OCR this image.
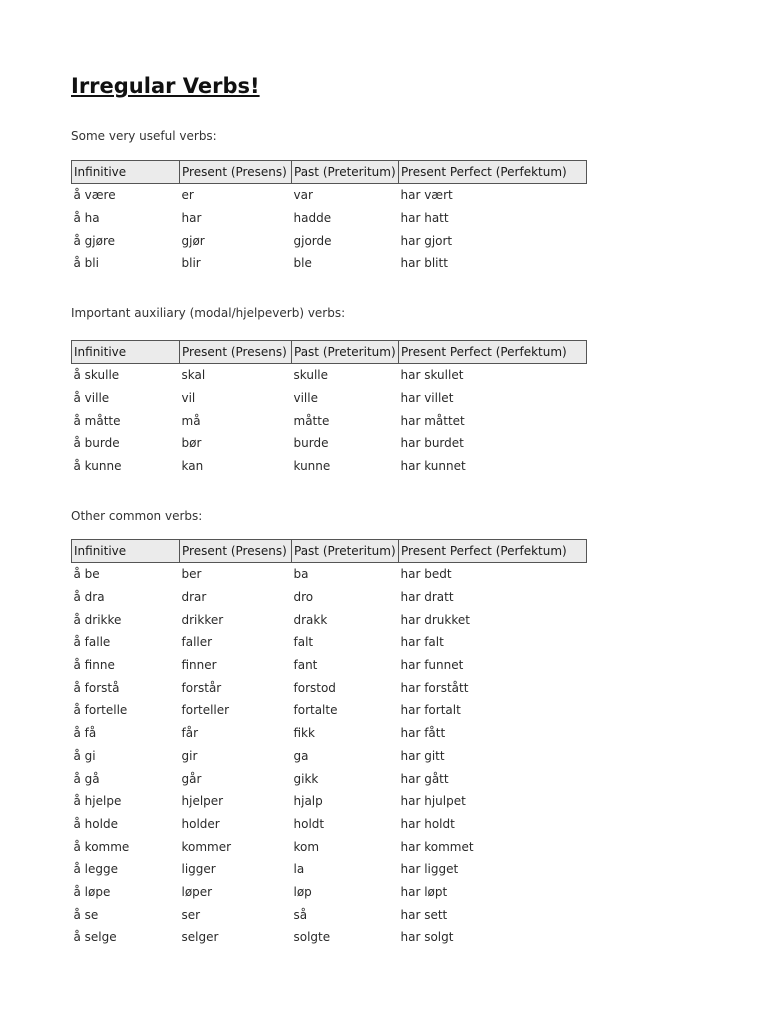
Irregular Verbs!

Some very useful verbs:

Infinitive	Present (Presens)	Past (Preteritum)	Present Perfect (Perfektum)
å være	er	var	har vært
å ha	har	hadde	har hatt
å gjøre	gjør	gjorde	har gjort
å bli	blir	ble	har blitt

Important auxiliary (modal/hjelpeverb) verbs:

Infinitive	Present (Presens)	Past (Preteritum)	Present Perfect (Perfektum)
å skulle	skal	skulle	har skullet
å ville	vil	ville	har villet
å måtte	må	måtte	har måttet
å burde	bør	burde	har burdet
å kunne	kan	kunne	har kunnet

Other common verbs:

Infinitive	Present (Presens)	Past (Preteritum)	Present Perfect (Perfektum)
å be	ber	ba	har bedt
å dra	drar	dro	har dratt
å drikke	drikker	drakk	har drukket
å falle	faller	falt	har falt
å finne	finner	fant	har funnet
å forstå	forstår	forstod	har forstått
å fortelle	forteller	fortalte	har fortalt
å få	får	fikk	har fått
å gi	gir	ga	har gitt
å gå	går	gikk	har gått
å hjelpe	hjelper	hjalp	har hjulpet
å holde	holder	holdt	har holdt
å komme	kommer	kom	har kommet
å legge	ligger	la	har ligget
å løpe	løper	løp	har løpt
å se	ser	så	har sett
å selge	selger	solgte	har solgt
